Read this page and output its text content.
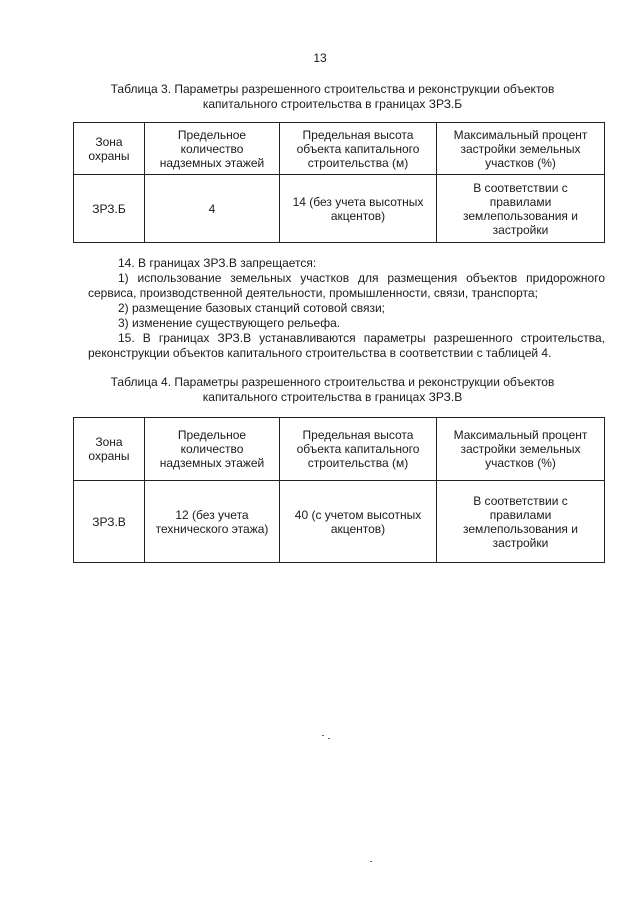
13
Таблица 3. Параметры разрешенного строительства и реконструкции объектов
капитального строительства в границах ЗРЗ.Б
Зона
охраны	Предельное
количество
надземных этажей	Предельная высота
объекта капитального
строительства (м)	Максимальный процент
застройки земельных
участков (%)

ЗРЗ.Б	4	14 (без учета высотных
акцентов)	В соответствии с
правилами
землепользования и
застройки

14. В границах ЗРЗ.В запрещается:

1) использование земельных участков для размещения объектов придорожного сервиса, производственной деятельности, промышленности, связи, транспорта;

2) размещение базовых станций сотовой связи;

3) изменение существующего рельефа.

15. В границах ЗРЗ.В устанавливаются параметры разрешенного строительства, реконструкции объектов капитального строительства в соответствии с таблицей 4.

Таблица 4. Параметры разрешенного строительства и реконструкции объектов
капитального строительства в границах ЗРЗ.В
Зона
охраны	Предельное
количество
надземных этажей	Предельная высота
объекта капитального
строительства (м)	Максимальный процент
застройки земельных
участков (%)

ЗРЗ.В	12 (без учета
технического этажа)	40 (с учетом высотных
акцентов)	В соответствии с
правилами
землепользования и
застройки
